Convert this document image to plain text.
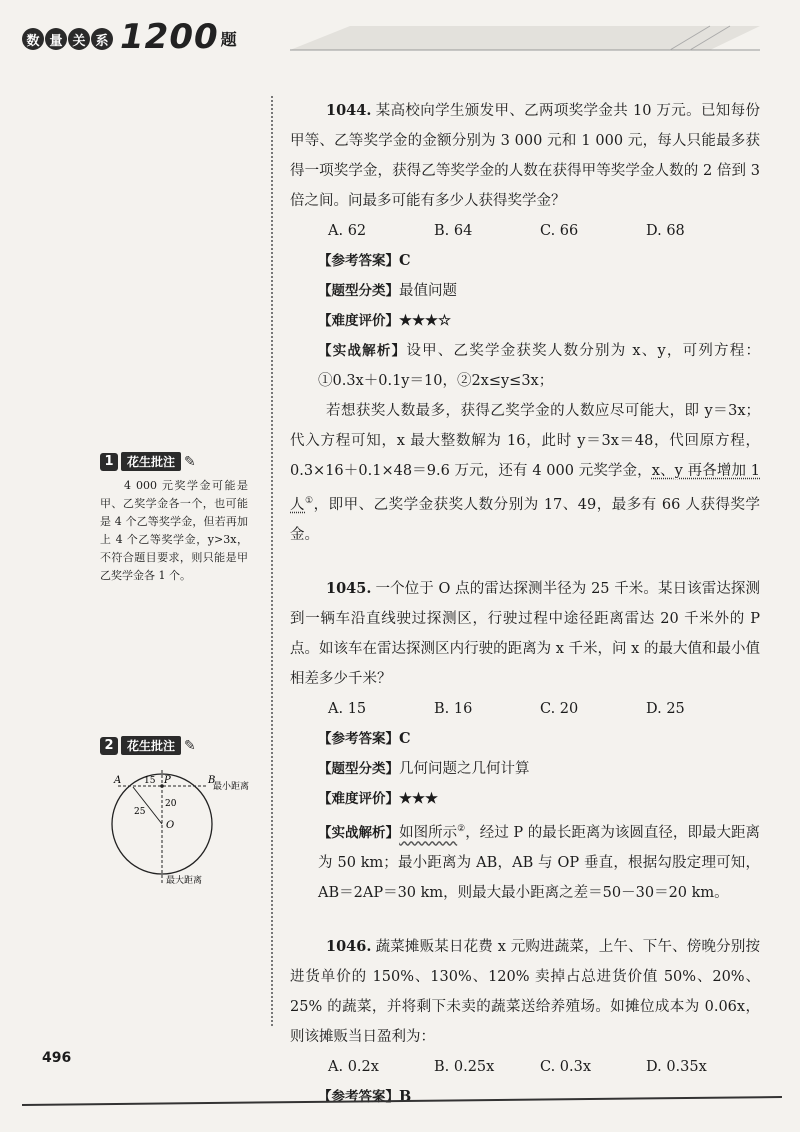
数 量 关 系 1200 题

1044. 某高校向学生颁发甲、乙两项奖学金共 10 万元。已知每份甲等、乙等奖学金的金额分别为 3 000 元和 1 000 元，每人只能最多获得一项奖学金，获得乙等奖学金的人数在获得甲等奖学金人数的 2 倍到 3 倍之间。问最多可能有多少人获得奖学金？

A. 62	B. 64	C. 66	D. 68
【参考答案】C
【题型分类】最值问题
【难度评价】★★★☆

【实战解析】设甲、乙奖学金获奖人数分别为 x、y，可列方程：①0.3x＋0.1y＝10，②2x≤y≤3x；

若想获奖人数最多，获得乙奖学金的人数应尽可能大，即 y＝3x；代入方程可知，x 最大整数解为 16，此时 y＝3x＝48，代回原方程，0.3×16＋0.1×48＝9.6 万元，还有 4 000 元奖学金，x、y 再各增加 1 人①，即甲、乙奖学金获奖人数分别为 17、49，最多有 66 人获得奖学金。

1045. 一个位于 O 点的雷达探测半径为 25 千米。某日该雷达探测到一辆车沿直线驶过探测区，行驶过程中途径距离雷达 20 千米外的 P 点。如该车在雷达探测区内行驶的距离为 x 千米，问 x 的最大值和最小值相差多少千米？

A. 15	B. 16	C. 20	D. 25
【参考答案】C
【题型分类】几何问题之几何计算
【难度评价】★★★

【实战解析】如图所示②，经过 P 的最长距离为该圆直径，即最大距离为 50 km；最小距离为 AB，AB 与 OP 垂直，根据勾股定理可知，AB＝2AP＝30 km，则最大最小距离之差＝50－30＝20 km。

1046. 蔬菜摊贩某日花费 x 元购进蔬菜，上午、下午、傍晚分别按进货单价的 150%、130%、120% 卖掉占总进货价值 50%、20%、25% 的蔬菜，并将剩下未卖的蔬菜送给养殖场。如摊位成本为 0.06x，则该摊贩当日盈利为：

A. 0.2x	B. 0.25x	C. 0.3x	D. 0.35x
【参考答案】B
1	花生批注 ✎
4 000 元奖学金可能是甲、乙奖学金各一个，也可能是 4 个乙等奖学金，但若再加上 4 个乙等奖学金，y>3x，不符合题目要求，则只能是甲乙奖学金各 1 个。
2	花生批注 ✎
A	B
P
O
15
20
25
最小距离
最大距离
496
